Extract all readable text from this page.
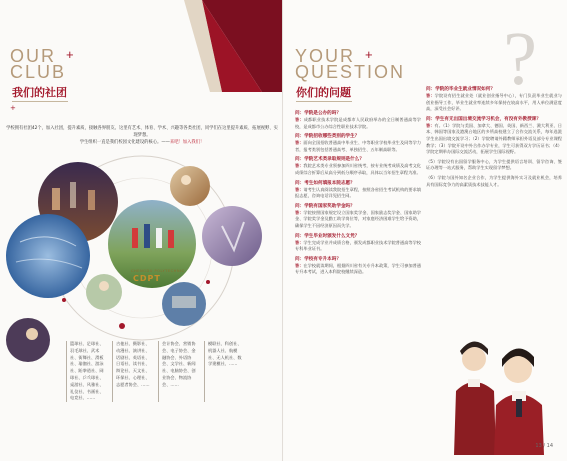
OUR +
CLUB
我们的社团
+
学校拥有社团42个，加入社团，提升素质，接触各界朋友。这里有艺术、体育、学术、兴趣等各类社团，同学们在这里提升素质、拓展视野、实现梦想。
学生组织一直是我们校园文化建设的核心。——来吧！加入我们！
CHENGDU POLYTECHNIC
CDPT
篮球社、足球社、羽毛球社、武术社、街舞社、滑板社、瑜伽社、游泳社、跆拳道社、网球社、乒乓球社、桌游社、风雅社、礼仪社、书画社、电竞社、……
吉他社、摄影社、动漫社、演讲社、话剧社、英语社、日语社、读书社、辩论社、天文社、环保社、心理社、志愿者协会、……
会计协会、营销协会、电子协会、金融协会、外语协会、文学社、新闻社、电脑协会、创业协会、物流协会、……
模联社、科创社、机器人社、航模社、无人机社、数学建模社、……
?
YOUR +
QUESTION
你们的问题
问：学院是公办的吗？
答：成都职业技术学院是成都市人民政府举办的全日制普通高等学校，是成都市公办综合性职业技术学院。
问：学院招收哪些类别的学生？
答：面向全国招收普通高中毕业生、中等职业学校毕业生及同等学力者，报考类别包括普通高考、单独招生、五年制高职等。
问：学院艺术类录取规则是什么？
答：我院艺术类专业须参加四川省统考，按专业统考成绩及高考文化成绩综合折算后从高分到低分顺序录取，具体以当年招生章程为准。
问：考生如何填报本院志愿？
答：请考生认真阅读我院招生章程，按照各省招生考试机构的要求填报志愿，咨询电话详见招生网。
问：学院有国家奖助学金吗？
答：学院按照国家规定设立国家奖学金、国家励志奖学金、国家助学金、学院奖学金及勤工助学岗位等，对家庭经济困难学生给予资助，确保学生不因经济原因而失学。
问：学生毕业时颁发什么文凭？
答：学生完成学业并成绩合格，颁发成都职业技术学院普通高等学校专科毕业证书。
问：学校有专升本吗？
答：在学校就读期间，根据四川省有关专升本政策，学生可参加普通专升本考试，进入本科院校继续深造。
问：学院的毕业生就业情况如何？
答：学院设有招生就业处（就业创业指导中心），专门负责毕业生就业与创业指导工作，毕业生就业率连续多年保持在较高水平，用人单位满意度高，深受社会好评。
问：学生有无出国出境交流学习机会，有没有外教授课？
答：有。（1）学院与美国、加拿大、德国、英国、新西兰、澳大利亚、日本、韩国等国家及港澳台地区的多所高校建立了合作交流关系，每年选派学生出国出境交流学习；（2）学院聘请外籍教师承担外语及部分专业课程教学；（3）学院开设中外合作办学专业，学生可获得双方学历证书；（4）学院定期举办国际交流活动，拓展学生国际视野。
（5）学院设有出国留学服务中心，为学生提供语言培训、留学咨询、签证办理等一站式服务，帮助学生实现留学梦想。
（6）学院与国外知名企业合作，为学生提供海外实习及就业机会，培养具有国际竞争力的高素质技术技能人才。
13 / 14
